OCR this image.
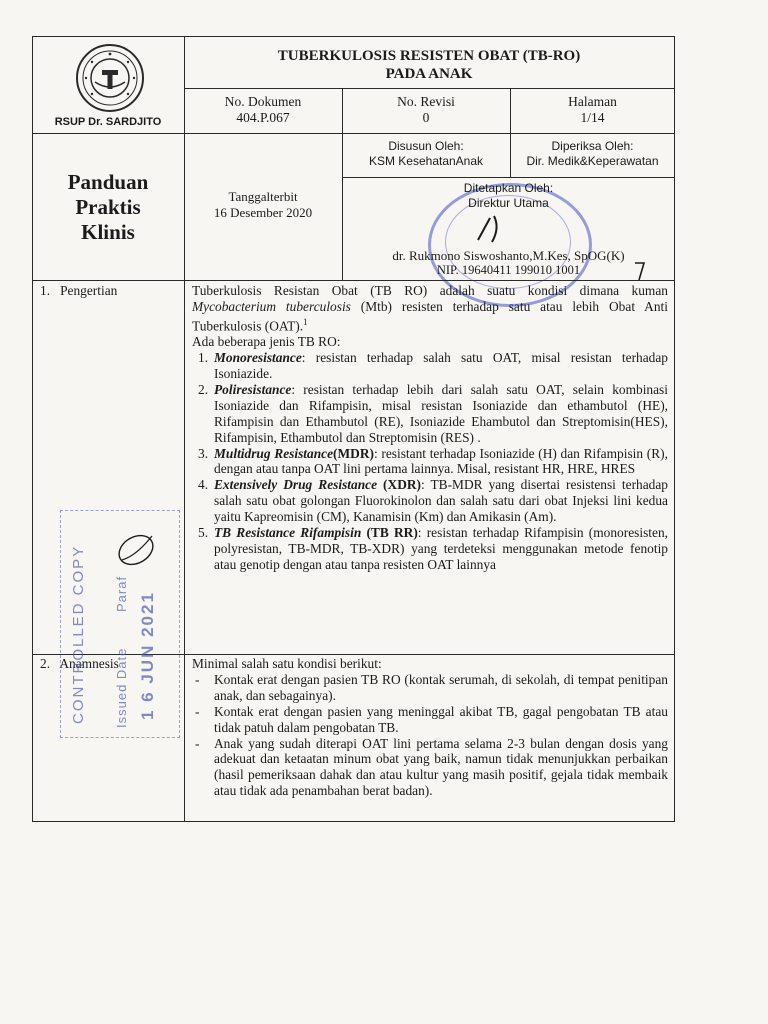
RSUP Dr. SARDJITO
TUBERKULOSIS RESISTEN OBAT (TB-RO)
PADA ANAK
No. Dokumen
404.P.067
No. Revisi
0
Halaman
1/14
Panduan
Praktis
Klinis
Tanggalterbit
16 Desember 2020
Disusun Oleh:
KSM KesehatanAnak
Diperiksa Oleh:
Dir. Medik&Keperawatan
Ditetapkan Oleh:
Direktur Utama
dr. Rukmono Siswoshanto,M.Kes, SpOG(K)
NIP. 19640411 199010 1001
1.   Pengertian	Tuberkulosis Resistan Obat (TB RO) adalah suatu kondisi dimana kuman Mycobacterium tuberculosis (Mtb) resisten terhadap satu atau lebih Obat Anti Tuberkulosis (OAT).$^1$
Ada beberapa jenis TB RO:
1. Monoresistance: resistan terhadap salah satu OAT, misal resistan terhadap Isoniazide.
2. Poliresistance: resistan terhadap lebih dari salah satu OAT, selain kombinasi Isoniazide dan Rifampisin, misal resistan Isoniazide dan ethambutol (HE), Rifampisin dan Ethambutol (RE), Isoniazide Ehambutol dan Streptomisin(HES), Rifampisin, Ethambutol dan Streptomisin (RES) .
3. Multidrug Resistance(MDR): resistant terhadap Isoniazide (H) dan Rifampisin (R), dengan atau tanpa OAT lini pertama lainnya. Misal, resistant HR, HRE, HRES
4. Extensively Drug Resistance (XDR): TB-MDR yang disertai resistensi terhadap salah satu obat golongan Fluorokinolon dan salah satu dari obat Injeksi lini kedua yaitu Kapreomisin (CM), Kanamisin (Km) dan Amikasin (Am).
5. TB Resistance Rifampisin (TB RR): resistan terhadap Rifampisin (monoresisten, polyresistan, TB-MDR, TB-XDR) yang terdeteksi menggunakan metode fenotip atau genotip dengan atau tanpa resisten OAT lainnya
2.   Anamnesis	Minimal salah satu kondisi berikut:
- Kontak erat dengan pasien TB RO (kontak serumah, di sekolah, di tempat penitipan anak, dan sebagainya).
- Kontak erat dengan pasien yang meninggal akibat TB, gagal pengobatan TB atau tidak patuh dalam pengobatan TB.
- Anak yang sudah diterapi OAT lini pertama selama 2-3 bulan dengan dosis yang adekuat dan ketaatan minum obat yang baik, namun tidak menunjukkan perbaikan (hasil pemeriksaan dahak dan atau kultur yang masih positif, gejala tidak membaik atau tidak ada penambahan berat badan).
CONTROLLED COPY Issued Date
Paraf 1 6 JUN 2021
